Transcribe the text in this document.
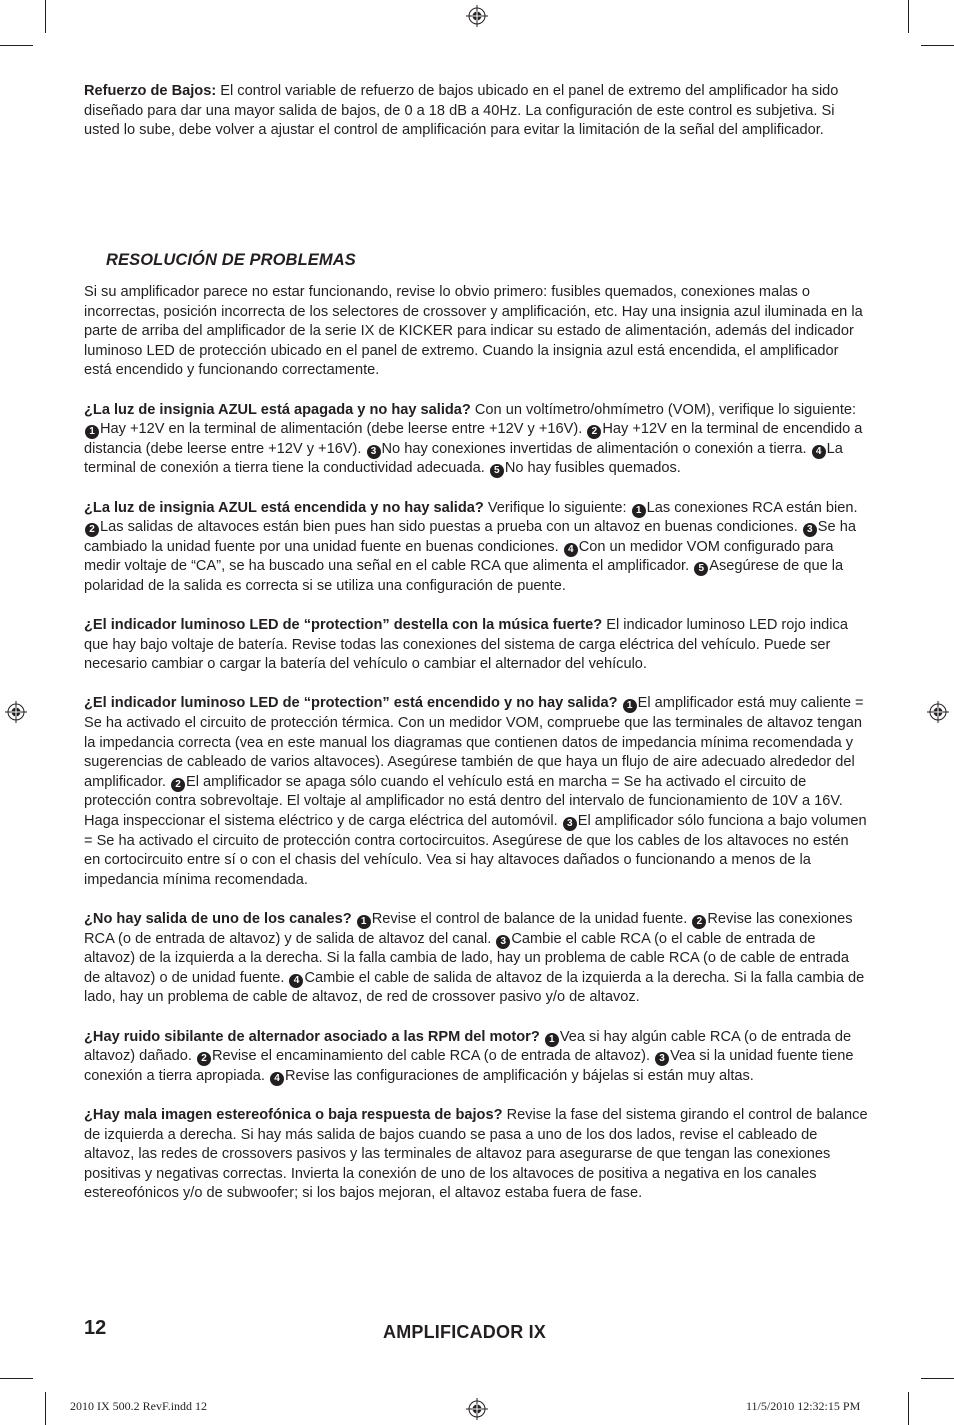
Refuerzo de Bajos: El control variable de refuerzo de bajos ubicado en el panel de extremo del amplificador ha sido diseñado para dar una mayor salida de bajos, de 0 a 18 dB a 40Hz. La configuración de este control es subjetiva. Si usted lo sube, debe volver a ajustar el control de amplificación para evitar la limitación de la señal del amplificador.

RESOLUCIÓN DE PROBLEMAS

Si su amplificador parece no estar funcionando, revise lo obvio primero: fusibles quemados, conexiones malas o incorrectas, posición incorrecta de los selectores de crossover y amplificación, etc. Hay una insignia azul iluminada en la parte de arriba del amplificador de la serie IX de KICKER para indicar su estado de alimentación, además del indicador luminoso LED de protección ubicado en el panel de extremo. Cuando la insignia azul está encendida, el amplificador está encendido y funcionando correctamente.

¿La luz de insignia AZUL está apagada y no hay salida? Con un voltímetro/ohmímetro (VOM), verifique lo siguiente: 1 Hay +12V en la terminal de alimentación (debe leerse entre +12V y +16V). 2 Hay +12V en la terminal de encendido a distancia (debe leerse entre +12V y +16V). 3 No hay conexiones invertidas de alimentación o conexión a tierra. 4 La terminal de conexión a tierra tiene la conductividad adecuada. 5 No hay fusibles quemados.

¿La luz de insignia AZUL está encendida y no hay salida? Verifique lo siguiente: 1 Las conexiones RCA están bien. 2 Las salidas de altavoces están bien pues han sido puestas a prueba con un altavoz en buenas condiciones. 3 Se ha cambiado la unidad fuente por una unidad fuente en buenas condiciones. 4 Con un medidor VOM configurado para medir voltaje de “CA”, se ha buscado una señal en el cable RCA que alimenta el amplificador. 5 Asegúrese de que la polaridad de la salida es correcta si se utiliza una configuración de puente.

¿El indicador luminoso LED de “protection” destella con la música fuerte? El indicador luminoso LED rojo indica que hay bajo voltaje de batería. Revise todas las conexiones del sistema de carga eléctrica del vehículo. Puede ser necesario cambiar o cargar la batería del vehículo o cambiar el alternador del vehículo.

¿El indicador luminoso LED de “protection” está encendido y no hay salida? 1 El amplificador está muy caliente = Se ha activado el circuito de protección térmica. Con un medidor VOM, compruebe que las terminales de altavoz tengan la impedancia correcta (vea en este manual los diagramas que contienen datos de impedancia mínima recomendada y sugerencias de cableado de varios altavoces). Asegúrese también de que haya un flujo de aire adecuado alrededor del amplificador. 2 El amplificador se apaga sólo cuando el vehículo está en marcha = Se ha activado el circuito de protección contra sobrevoltaje. El voltaje al amplificador no está dentro del intervalo de funcionamiento de 10V a 16V. Haga inspeccionar el sistema eléctrico y de carga eléctrica del automóvil. 3 El amplificador sólo funciona a bajo volumen = Se ha activado el circuito de protección contra cortocircuitos. Asegúrese de que los cables de los altavoces no estén en cortocircuito entre sí o con el chasis del vehículo. Vea si hay altavoces dañados o funcionando a menos de la impedancia mínima recomendada.

¿No hay salida de uno de los canales? 1 Revise el control de balance de la unidad fuente. 2 Revise las conexiones RCA (o de entrada de altavoz) y de salida de altavoz del canal. 3 Cambie el cable RCA (o el cable de entrada de altavoz) de la izquierda a la derecha. Si la falla cambia de lado, hay un problema de cable RCA (o de cable de entrada de altavoz) o de unidad fuente. 4 Cambie el cable de salida de altavoz de la izquierda a la derecha. Si la falla cambia de lado, hay un problema de cable de altavoz, de red de crossover pasivo y/o de altavoz.

¿Hay ruido sibilante de alternador asociado a las RPM del motor? 1 Vea si hay algún cable RCA (o de entrada de altavoz) dañado. 2 Revise el encaminamiento del cable RCA (o de entrada de altavoz). 3 Vea si la unidad fuente tiene conexión a tierra apropiada. 4 Revise las configuraciones de amplificación y bájelas si están muy altas.

¿Hay mala imagen estereofónica o baja respuesta de bajos? Revise la fase del sistema girando el control de balance de izquierda a derecha. Si hay más salida de bajos cuando se pasa a uno de los dos lados, revise el cableado de altavoz, las redes de crossovers pasivos y las terminales de altavoz para asegurarse de que tengan las conexiones positivas y negativas correctas. Invierta la conexión de uno de los altavoces de positiva a negativa en los canales estereofónicos y/o de subwoofer; si los bajos mejoran, el altavoz estaba fuera de fase.

12	AMPLIFICADOR IX
2010 IX 500.2 RevF.indd 12	11/5/2010 12:32:15 PM
